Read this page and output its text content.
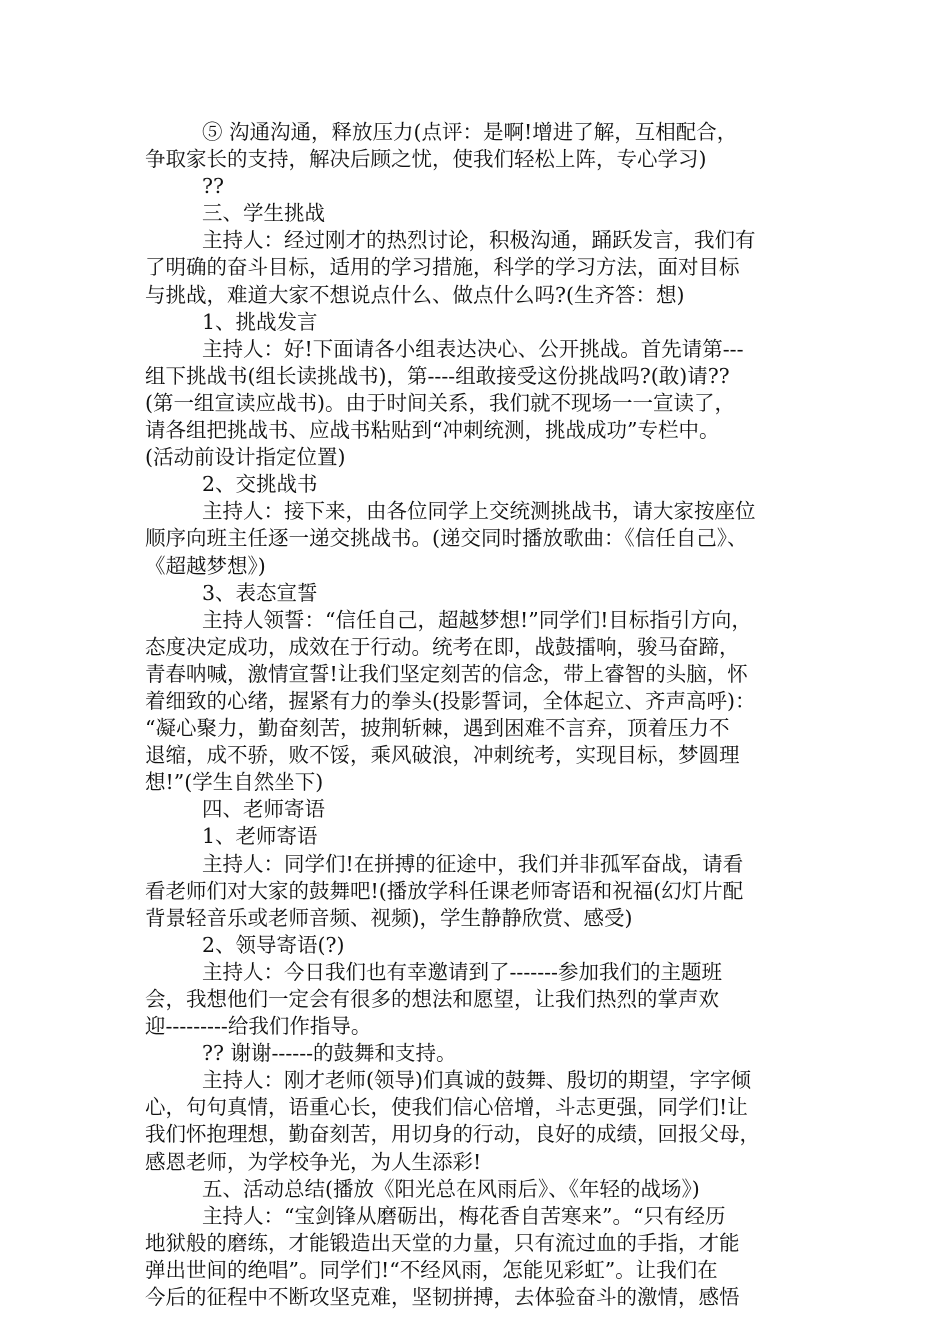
⑤ 沟通沟通，释放压力(点评：是啊!增进了解，互相配合，
争取家长的支持，解决后顾之忧，使我们轻松上阵，专心学习)
??
三、学生挑战
主持人：经过刚才的热烈讨论，积极沟通，踊跃发言，我们有
了明确的奋斗目标，适用的学习措施，科学的学习方法，面对目标
与挑战，难道大家不想说点什么、做点什么吗?(生齐答：想)
1、挑战发言
主持人：好!下面请各小组表达决心、公开挑战。首先请第---
组下挑战书(组长读挑战书)，第----组敢接受这份挑战吗?(敢)请??
(第一组宣读应战书)。由于时间关系，我们就不现场一一宣读了，
请各组把挑战书、应战书粘贴到“冲刺统测，挑战成功”专栏中。
(活动前设计指定位置)
2、交挑战书
主持人：接下来，由各位同学上交统测挑战书，请大家按座位
顺序向班主任逐一递交挑战书。(递交同时播放歌曲：《信任自己》、
《超越梦想》)
3、表态宣誓
主持人领誓：“信任自己，超越梦想!”同学们!目标指引方向，
态度决定成功，成效在于行动。统考在即，战鼓擂响，骏马奋蹄，
青春呐喊，激情宣誓!让我们坚定刻苦的信念，带上睿智的头脑，怀
着细致的心绪，握紧有力的拳头(投影誓词，全体起立、齐声高呼)：
“凝心聚力，勤奋刻苦，披荆斩棘，遇到困难不言弃，顶着压力不
退缩，成不骄，败不馁，乘风破浪，冲刺统考，实现目标，梦圆理
想!”(学生自然坐下)
四、老师寄语
1、老师寄语
主持人：同学们!在拼搏的征途中，我们并非孤军奋战，请看
看老师们对大家的鼓舞吧!(播放学科任课老师寄语和祝福(幻灯片配
背景轻音乐或老师音频、视频)，学生静静欣赏、感受)
2、领导寄语(?)
主持人：今日我们也有幸邀请到了-------参加我们的主题班
会，我想他们一定会有很多的想法和愿望，让我们热烈的掌声欢
迎---------给我们作指导。
?? 谢谢------的鼓舞和支持。
主持人：刚才老师(领导)们真诚的鼓舞、殷切的期望，字字倾
心，句句真情，语重心长，使我们信心倍增，斗志更强，同学们!让
我们怀抱理想，勤奋刻苦，用切身的行动，良好的成绩，回报父母，
感恩老师，为学校争光，为人生添彩!
五、活动总结(播放《阳光总在风雨后》、《年轻的战场》)
主持人：“宝剑锋从磨砺出，梅花香自苦寒来”。“只有经历
地狱般的磨练，才能锻造出天堂的力量，只有流过血的手指，才能
弹出世间的绝唱”。同学们!“不经风雨，怎能见彩虹”。让我们在
今后的征程中不断攻坚克难，坚韧拼搏，去体验奋斗的激情，感悟
